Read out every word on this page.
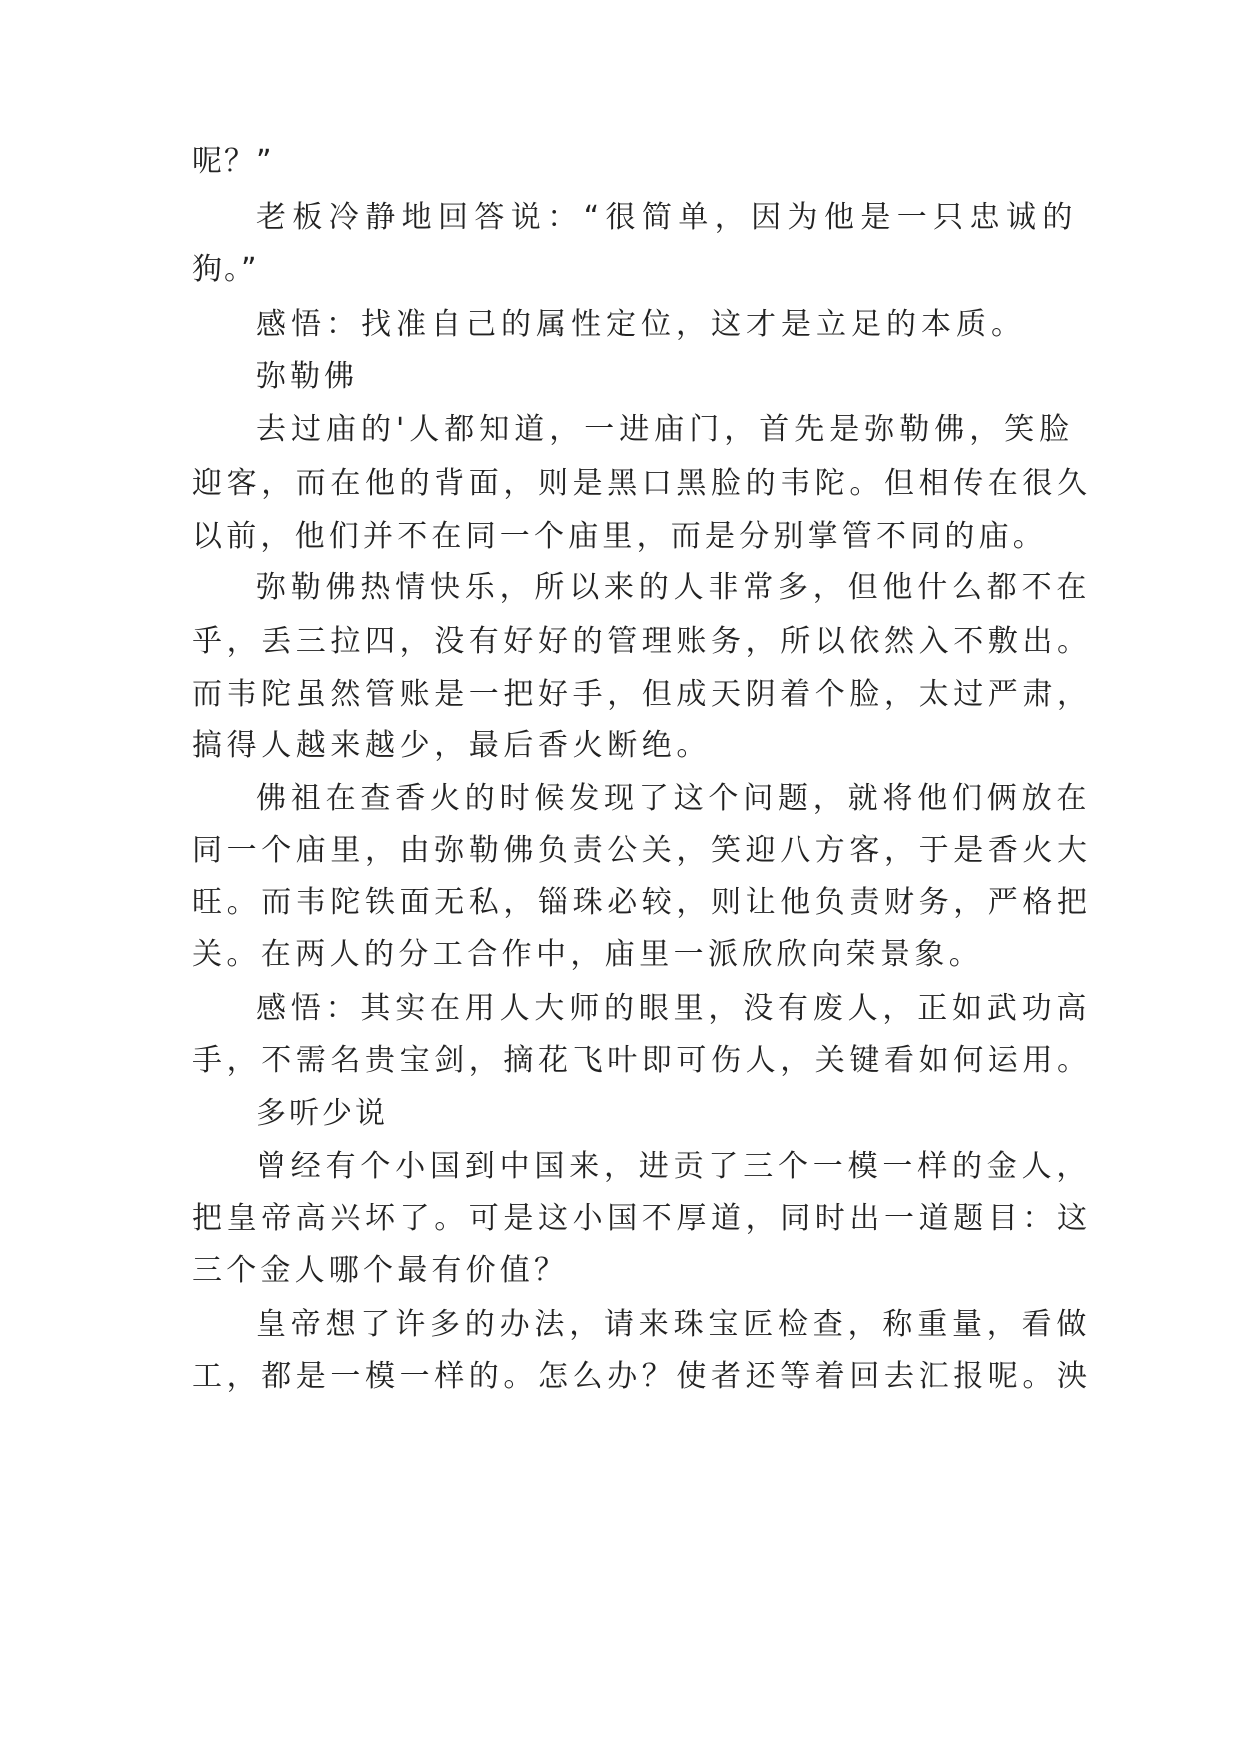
呢？”

老板冷静地回答说：“很简单，因为他是一只忠诚的

狗。”

感悟：找准自己的属性定位，这才是立足的本质。

弥勒佛

去过庙的'人都知道，一进庙门，首先是弥勒佛，笑脸

迎客，而在他的背面，则是黑口黑脸的韦陀。但相传在很久

以前，他们并不在同一个庙里，而是分别掌管不同的庙。

弥勒佛热情快乐，所以来的人非常多，但他什么都不在

乎，丢三拉四，没有好好的管理账务，所以依然入不敷出。

而韦陀虽然管账是一把好手，但成天阴着个脸，太过严肃，

搞得人越来越少，最后香火断绝。

佛祖在查香火的时候发现了这个问题，就将他们俩放在

同一个庙里，由弥勒佛负责公关，笑迎八方客，于是香火大

旺。而韦陀铁面无私，锱珠必较，则让他负责财务，严格把

关。在两人的分工合作中，庙里一派欣欣向荣景象。

感悟：其实在用人大师的眼里，没有废人，正如武功高

手，不需名贵宝剑，摘花飞叶即可伤人，关键看如何运用。

多听少说

曾经有个小国到中国来，进贡了三个一模一样的金人，

把皇帝高兴坏了。可是这小国不厚道，同时出一道题目：这

三个金人哪个最有价值？

皇帝想了许多的办法，请来珠宝匠检查，称重量，看做

工，都是一模一样的。怎么办？使者还等着回去汇报呢。泱
